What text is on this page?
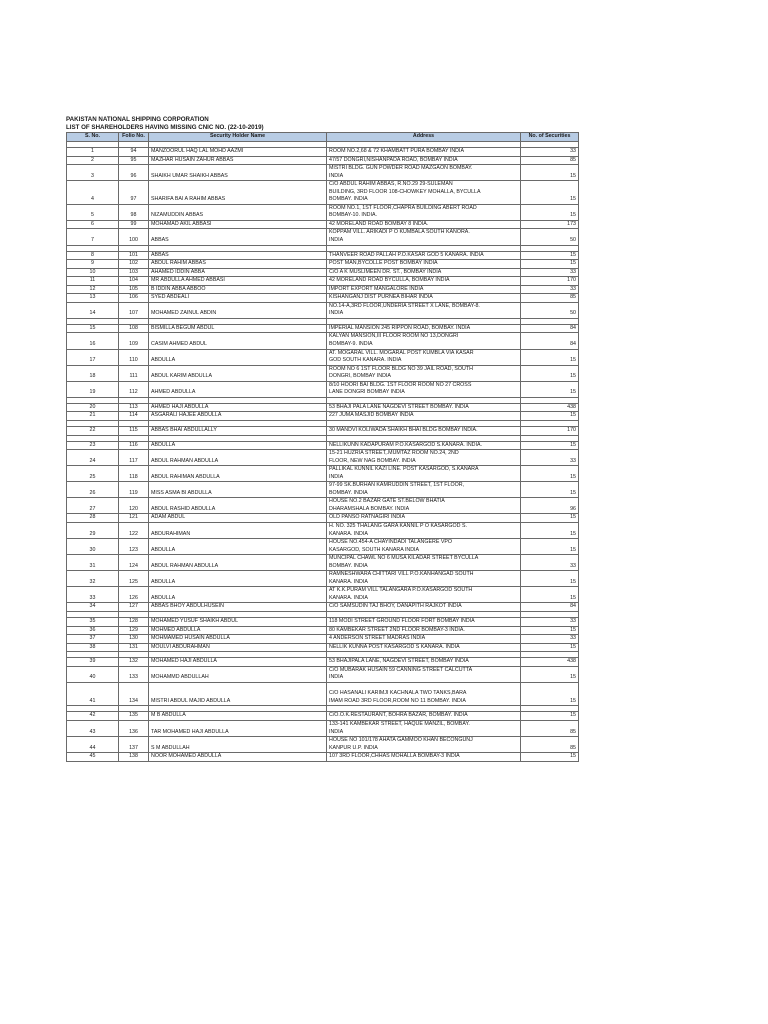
PAKISTAN NATIONAL SHIPPING CORPORATION
LIST OF SHAREHOLDERS HAVING MISSING CNIC NO. (22-10-2019)
S. No.	Folio No.	Security Holder Name	Address	No. of Securities

1	94	MANZOORUL HAQ LAL MOHD AAZMI	ROOM NO.2,68 & 72 KHAMBATT PURA BOMBAY INDIA	33
2	95	MAZHAR HUSAIN ZAHUR ABBAS	47/57 DONGRI,NISHANPADA ROAD, BOMBAY INDIA	85
3	96	SHAIKH UMAR SHAIKH ABBAS	MISTRI BLDG. GUN POWDER ROAD MAZGAON BOMBAY.
INDIA	15
4	97	SHARIFA BAI A RAHIM ABBAS	C/O ABDUL RAHIM ABBAS, R.NO.29 29-SULEMAN
BUILDING, 3RD FLOOR 108-CHOWKEY MOHALLA, BYCULLA
BOMBAY. INDIA	15
5	98	NIZAMUDDIN ABBAS	ROOM NO.1, 1ST FLOOR,CHAPRA BUILDING ABERT ROAD
BOMBAY-10. INDIA.	15
6	99	MOHAMAD AKIL ABBASI	42 MORELAND ROAD BOMBAY 8 INDIA.	173
7	100	ABBAS	KOPPAM VILL. ARIKADI P O KUMBALA SOUTH KANORA.
INDIA	50

8	101	ABBAS	THANVEER ROAD PALLAH P.O.KASAR GOD 5 KANARA. INDIA	15
9	102	ABDUL RAHIM ABBAS	POST MAN,BYCOLLE POST BOMBAY INDIA	15
10	103	AHAMED IDDIN ABBA	C/O A K MUSLIMEEN DR. ST., BOMBAY INDIA	33
11	104	MR ABDULLA AHMED ABBASI	42 MORELAND ROAD BYCULLA, BOMBAY INDIA	170
12	105	B IDDIN ABBA ABBOO	IMPORT EXPORT MANGALORE INDIA	33
13	106	SYED ABDEALI	KISHANGANJ DIST PURNEA BIHAR INDIA	85
14	107	MOHAMED ZAINUL ABDIN	NO.14-A,3RD FLOOR,UNDERIA STREET X LANE, BOMBAY-8.
INDIA	50

15	108	BISMILLA BEGUM ABDUL	IMPERIAL MANSION 245 RIPPON ROAD, BOMBAY. INDIA	84
16	109	CASIM AHMED ABDUL	KALYAN MANSION,III FLOOR ROOM NO 13,DONGRI
BOMBAY-9. INDIA	84
17	110	ABDULLA	AT. MOGARAL VILL. MOGARAL POST KUMBLA VIA KASAR
GOD SOUTH KANARA. INDIA	15
18	111	ABDUL KARIM ABDULLA	ROOM NO 6 1ST FLOOR BLDG NO 39 JAIL ROAD, SOUTH
DONGRI, BOMBAY INDIA	15
19	112	AHMED ABDULLA	8/10 HOORI BAI BLDG. 1ST FLOOR ROOM NO 27 CROSS
LANE DONGRI BOMBAY INDIA	15

20	113	AHMED HAJI ABDULLA	53 BHAJI PALA LANE NAGDEVI STREET BOMBAY. INDIA	438
21	114	ASGARALI HAJEE ABDULLA	227 JUMA MASJID BOMBAY INDIA	15

22	115	ABBAS BHAI ABDULLALLY	30 MANDVI KOLIWADA SHAIKH BHAI BLDG BOMBAY INDIA.	170

23	116	ABDULLA	NELLIKUNN KADAPURAM P.O.KASARGOD S.KANARA. INDIA.	15
24	117	ABDUL RAHMAN ABDULLA	15-21 HUZRIA STREET,.MUMTAZ ROOM NO.24, 2ND
FLOOR, NEW NAG BOMBAY. INDIA	33
25	118	ABDUL RAHIMAN ABDULLA	PALLIKAL KUNNIL KAZI LINE. POST KASARGOD, S.KANARA
INDIA	15
26	119	MISS ASMA BI ABDULLA	97-99 SK.BURHAN KAMRUDDIN STREET, 1ST FLOOR,
BOMBAY. INDIA	15
27	120	ABDUL RASHID ABDULLA	HOUSE NO.2 BAZAR GATE ST.BELOW BHATIA
DHARAMSHALA BOMBAY. INDIA	96
28	121	ADAM ABDUL	OLD PANSO RATNAGIRI INDIA	15
29	122	ABDURAHIMAN	H. NO. 325 THALANG GARA KANNIL P O KASARGOD S.
KANARA. INDIA	15
30	123	ABDULLA	HOUSE NO.454-A CHAYINDADI TALANGERE VPO
KASARGOD, SOUTH KANARA INDIA	15
31	124	ABDUL RAHMAN ABDULLA	MUNCIPAL CHAWL NO 6 MUSA KILADAR STREET BYCULLA
BOMBAY. INDIA	33
32	125	ABDULLA	RAMNESHWARA CHITTARI VILL P.O.KANHANGAD SOUTH
KANARA. INDIA	15
33	126	ABDULLA	AT K.K.PURAM VILL TALANGARA P.O.KASARGOD SOUTH
KANARA. INDIA	15
34	127	ABBAS BHOY ABDULHUSEIN	C/O SAMSUDIN TAJ BHOY, DANAPITH RAJKOT INDIA	84

35	128	MOHAMED YUSUF SHAIKH ABDUL	118 MODI STREET GROUND FLOOR FORT BOMBAY INDIA	33
36	129	MOHMED ABDULLA	80 KAMBEKAR STREET 2ND FLOOR BOMBAY-3 INDIA.	15
37	130	MOHMAMED HUSAIN ABDULLA	4 ANDERSON STREET MADRAS INDIA	33
38	131	MOULVI ABDURAHMAN	NELLIK KUNNA POST KASARGOD S KANARA. INDIA	15

39	132	MOHAMED HAJI ABDULLA	53 BHAJIPALA LANE, NAGDEVI STREET, BOMBAY INDIA	438
40	133	MOHAMMD ABDULLAH	C/O MUBARAK HUSAIN 59 CANNING STREET CALCUTTA
INDIA	15
41	134	MISTRI ABDUL MAJID ABDULLA	C/O HASANALI KARIMJI KACHNALA TWO TANKS,BARA
IMAM ROAD 3RD FLOOR,ROOM NO 11 BOMBAY. INDIA	15

42	135	M B ABDULLA	C/O.O.K.RESTAURANT, BOHRA BAZAR, BOMBAY. INDIA	15
43	136	TAR MOHAMED HAJI ABDULLA	133-141 KAMBEKAR STREET, HAQUE MANZIL, BOMBAY.
INDIA	85
44	137	S M ABDULLAH	HOUSE NO 101/178 AHATA GAMMOO KHAN BECONGUNJ
KANPUR U.P. INDIA	85
45	138	NOOR MOHAMED ABDULLA	107 3RD FLOOR,CHHAS MOHALLA BOMBAY-3 INDIA	15
